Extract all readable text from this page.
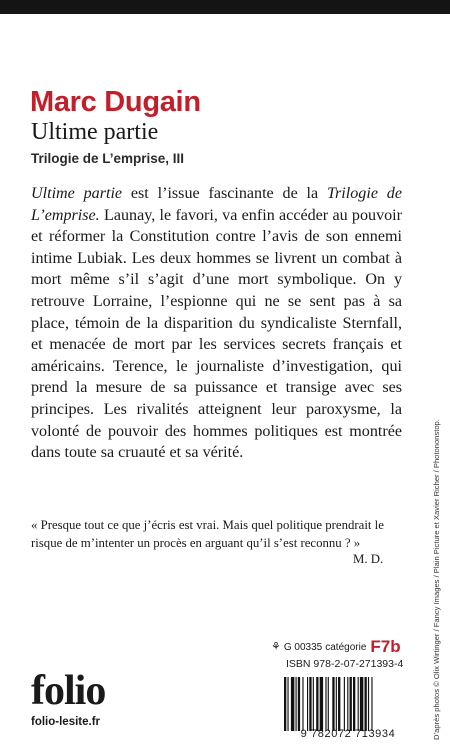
Marc Dugain
Ultime partie
Trilogie de L’emprise, III

Ultime partie est l’issue fascinante de la Trilogie de L’emprise. Launay, le favori, va enfin accéder au pouvoir et réformer la Constitution contre l’avis de son ennemi intime Lubiak. Les deux hommes se livrent un combat à mort même s’il s’agit d’une mort symbolique. On y retrouve Lorraine, l’espionne qui ne se sent pas à sa place, témoin de la disparition du syndicaliste Sternfall, et menacée de mort par les services secrets français et américains. Terence, le journaliste d’investigation, qui prend la mesure de sa puissance et transige avec ses principes. Les rivalités atteignent leur paroxysme, la volonté de pouvoir des hommes politiques est montrée dans toute sa cruauté et sa vérité.

« Presque tout ce que j’écris est vrai. Mais quel politique prendrait le risque de m’intenter un procès en arguant qu’il s’est reconnu ? »

M. D.
folio
folio-lesite.fr
⚘ G 00335 catégorie F7b
ISBN 978-2-07-271393-4
9 782072 713934	D’après photos © Olix Wirtinger / Fancy Images / Plain Picture et Xavier Richer / Photononstop.
